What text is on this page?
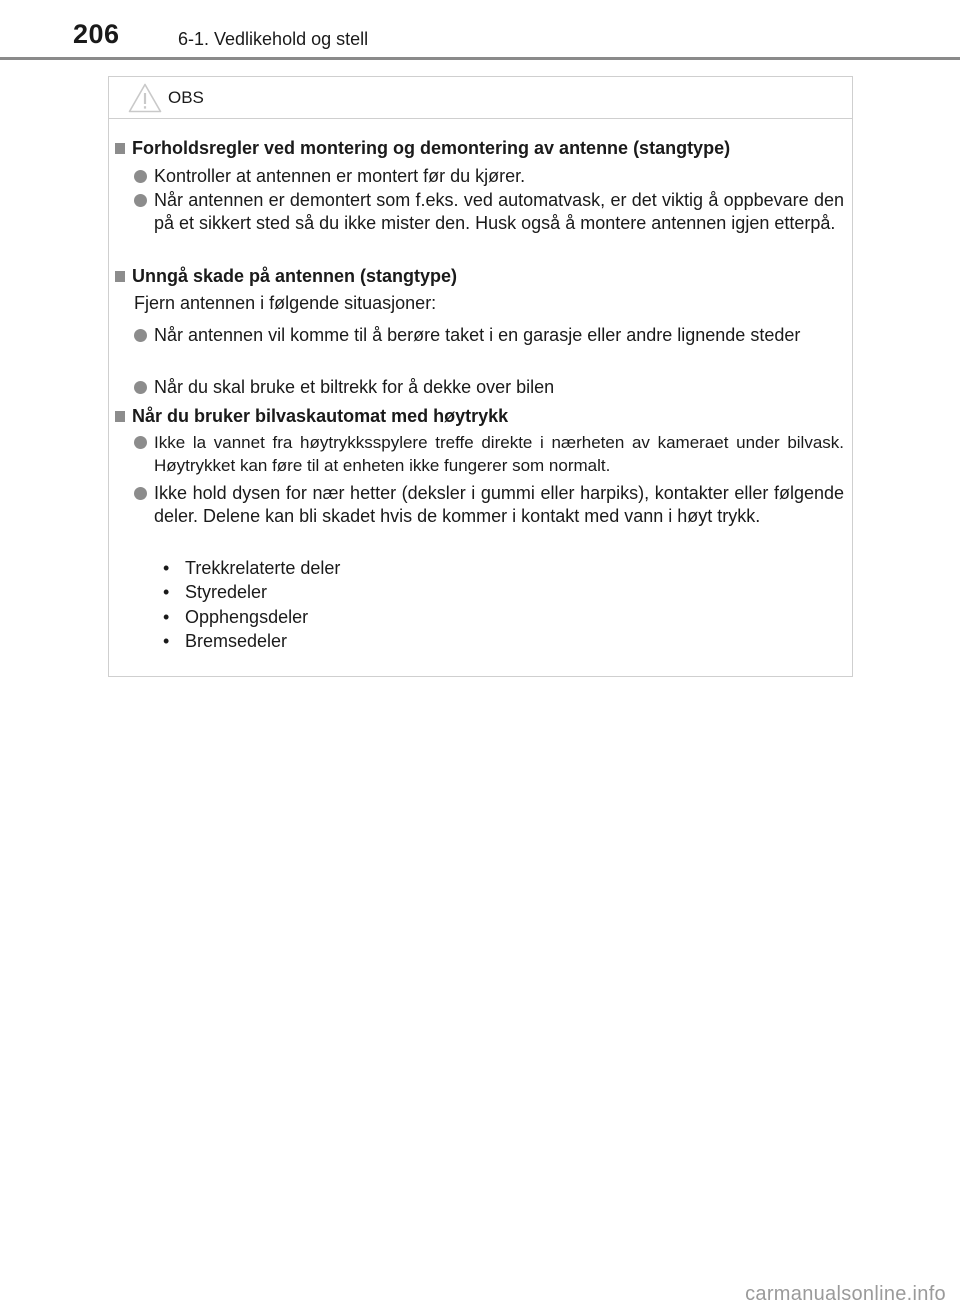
206	6-1. Vedlikehold og stell
OBS
Forholdsregler ved montering og demontering av antenne (stangtype)
Kontroller at antennen er montert før du kjører.
Når antennen er demontert som f.eks. ved automatvask, er det viktig å oppbevare den på et sikkert sted så du ikke mister den. Husk også å montere antennen igjen etterpå.
Unngå skade på antennen (stangtype)
Fjern antennen i følgende situasjoner:
Når antennen vil komme til å berøre taket i en garasje eller andre lignende steder
Når du skal bruke et biltrekk for å dekke over bilen
Når du bruker bilvaskautomat med høytrykk
Ikke la vannet fra høytrykksspylere treffe direkte i nærheten av kameraet under bilvask. Høytrykket kan føre til at enheten ikke fungerer som normalt.
Ikke hold dysen for nær hetter (deksler i gummi eller harpiks), kontakter eller følgende deler. Delene kan bli skadet hvis de kommer i kontakt med vann i høyt trykk.
• Trekkrelaterte deler
• Styredeler
• Opphengsdeler
• Bremsedeler
carmanualsonline.info
